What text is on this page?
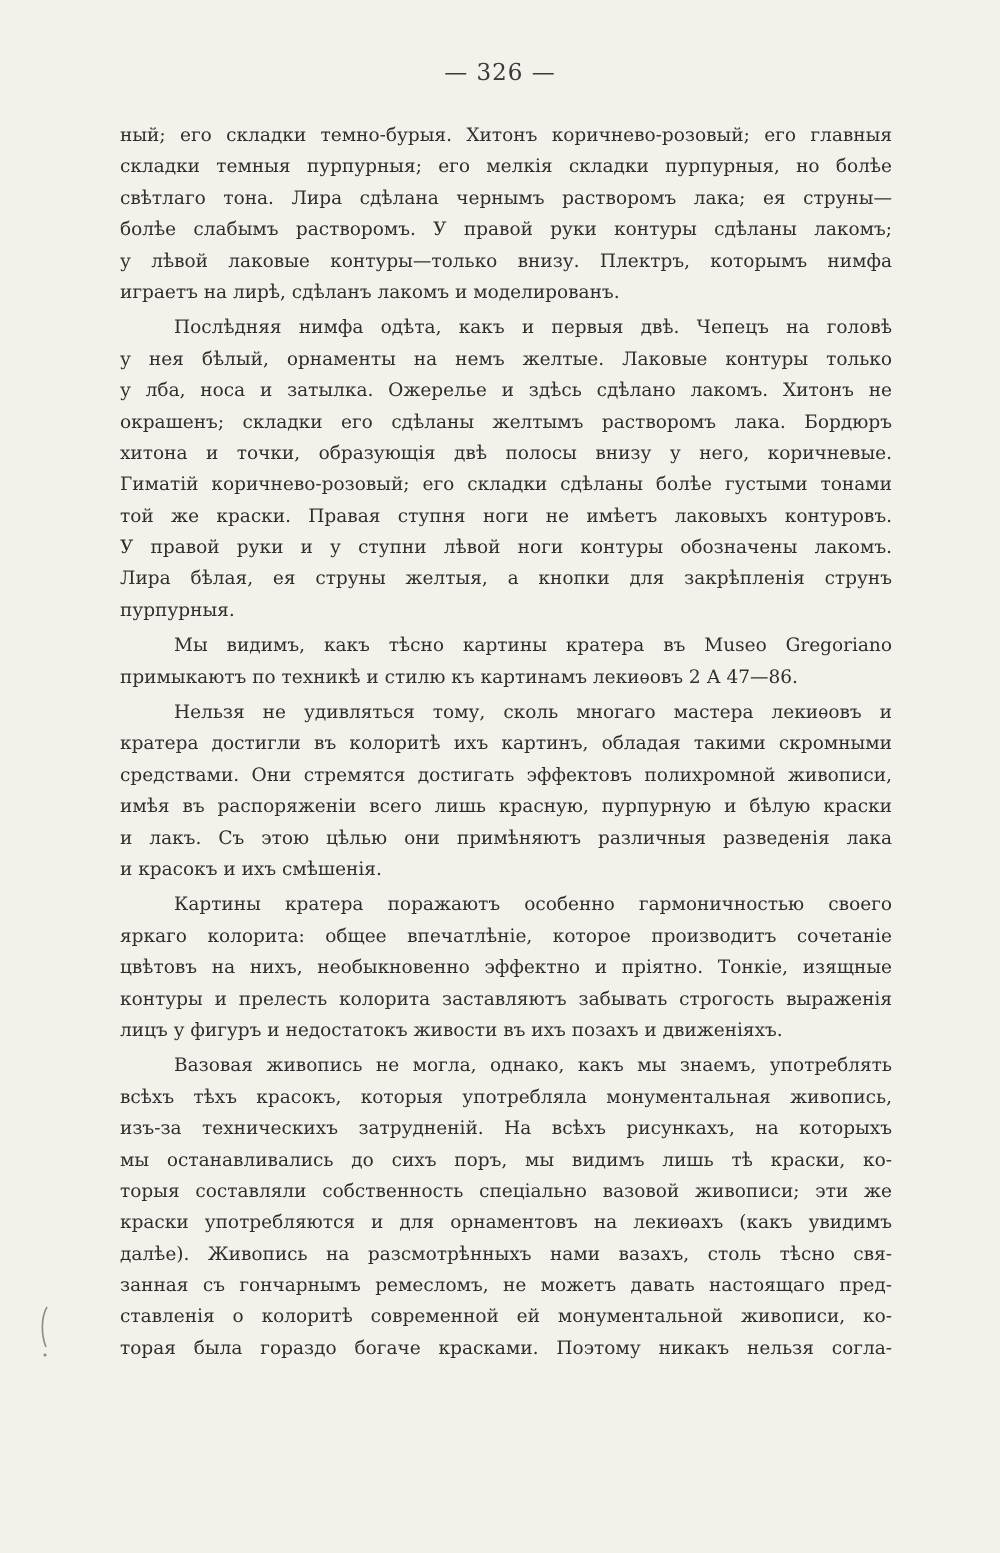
— 326 —
ный; его складки темно-бурыя. Хитонъ коричнево-розовый; его главныя
складки темныя пурпурныя; его мелкія складки пурпурныя, но болѣе
свѣтлаго тона. Лира сдѣлана чернымъ растворомъ лака; ея струны—
болѣе слабымъ растворомъ. У правой руки контуры сдѣланы лакомъ;
у лѣвой лаковые контуры—только внизу. Плектръ, которымъ нимфа
играетъ на лирѣ, сдѣланъ лакомъ и моделированъ.
Послѣдняя нимфа одѣта, какъ и первыя двѣ. Чепецъ на головѣ
у нея бѣлый, орнаменты на немъ желтые. Лаковые контуры только
у лба, носа и затылка. Ожерелье и здѣсь сдѣлано лакомъ. Хитонъ не
окрашенъ; складки его сдѣланы желтымъ растворомъ лака. Бордюръ
хитона и точки, образующія двѣ полосы внизу у него, коричневые.
Гиматій коричнево-розовый; его складки сдѣланы болѣе густыми тонами
той же краски. Правая ступня ноги не имѣетъ лаковыхъ контуровъ.
У правой руки и у ступни лѣвой ноги контуры обозначены лакомъ.
Лира бѣлая, ея струны желтыя, а кнопки для закрѣпленія струнъ
пурпурныя.
Мы видимъ, какъ тѣсно картины кратера въ Museo Gregoriano
примыкаютъ по техникѣ и стилю къ картинамъ лекиѳовъ 2 А 47—86.
Нельзя не удивляться тому, сколь многаго мастера лекиѳовъ и
кратера достигли въ колоритѣ ихъ картинъ, обладая такими скромными
средствами. Они стремятся достигать эффектовъ полихромной живописи,
имѣя въ распоряженіи всего лишь красную, пурпурную и бѣлую краски
и лакъ. Съ этою цѣлью они примѣняютъ различныя разведенія лака
и красокъ и ихъ смѣшенія.
Картины кратера поражаютъ особенно гармоничностью своего
яркаго колорита: общее впечатлѣніе, которое производитъ сочетаніе
цвѣтовъ на нихъ, необыкновенно эффектно и пріятно. Тонкіе, изящные
контуры и прелесть колорита заставляютъ забывать строгость выраженія
лицъ у фигуръ и недостатокъ живости въ ихъ позахъ и движеніяхъ.
Вазовая живопись не могла, однако, какъ мы знаемъ, употреблять
всѣхъ тѣхъ красокъ, которыя употребляла монументальная живопись,
изъ-за техническихъ затрудненій. На всѣхъ рисункахъ, на которыхъ
мы останавливались до сихъ поръ, мы видимъ лишь тѣ краски, ко-
торыя составляли собственность спеціально вазовой живописи; эти же
краски употребляются и для орнаментовъ на лекиѳахъ (какъ увидимъ
далѣе). Живопись на разсмотрѣнныхъ нами вазахъ, столь тѣсно свя-
занная съ гончарнымъ ремесломъ, не можетъ давать настоящаго пред-
ставленія о колоритѣ современной ей монументальной живописи, ко-
торая была гораздо богаче красками. Поэтому никакъ нельзя согла-
